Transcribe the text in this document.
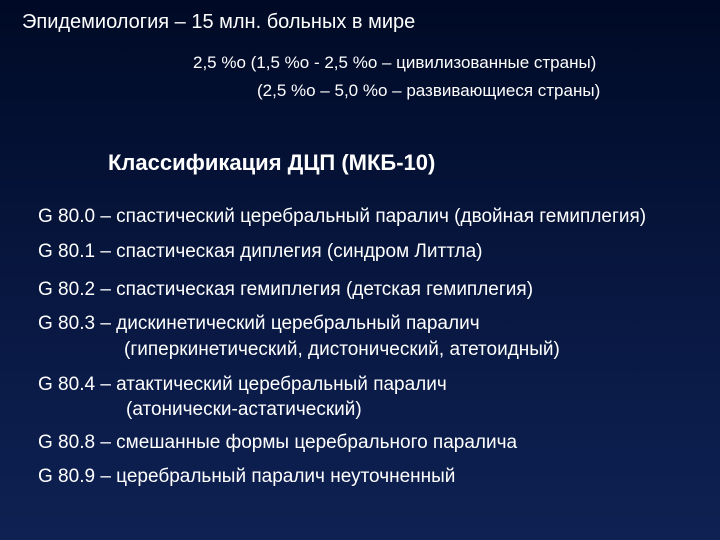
Эпидемиология – 15 млн. больных в мире
2,5 %о (1,5 %о - 2,5 %о – цивилизованные страны)
(2,5 %о – 5,0 %о – развивающиеся страны)
Классификация ДЦП (МКБ-10)
G 80.0 – спастический церебральный паралич (двойная гемиплегия)
G 80.1 – спастическая диплегия (синдром Литтла)
G 80.2 – спастическая гемиплегия (детская гемиплегия)
G 80.3 – дискинетический церебральный паралич
(гиперкинетический, дистонический, атетоидный)
G 80.4 – атактический церебральный паралич
(атонически-астатический)
G 80.8 – смешанные формы церебрального паралича
G 80.9 – церебральный паралич неуточненный
